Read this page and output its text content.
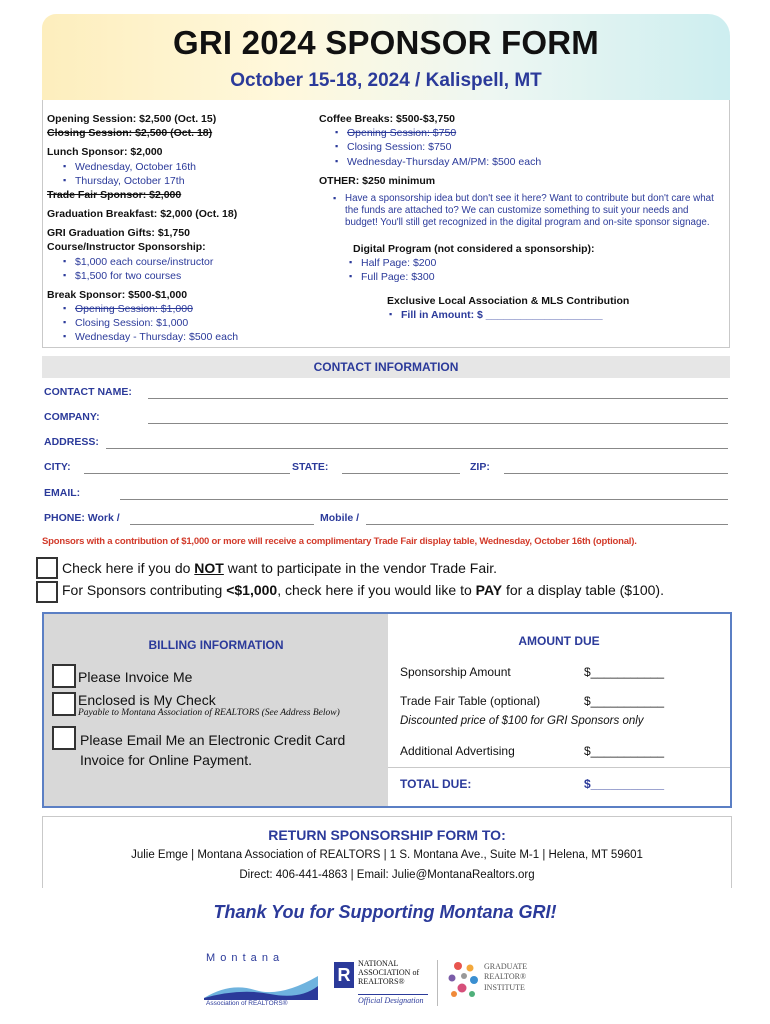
GRI 2024 SPONSOR FORM
October 15-18, 2024 / Kalispell, MT
Opening Session: $2,500 (Oct. 15)
Closing Session: $2,500 (Oct. 18)
Lunch Sponsor: $2,000
▪ Wednesday, October 16th
▪ Thursday, October 17th
Trade Fair Sponsor: $2,000
Graduation Breakfast: $2,000 (Oct. 18)
GRI Graduation Gifts: $1,750
Course/Instructor Sponsorship:
▪ $1,000 each course/instructor
▪ $1,500 for two courses
Break Sponsor: $500-$1,000
▪ Opening Session: $1,000
▪ Closing Session: $1,000
▪ Wednesday - Thursday: $500 each
Coffee Breaks: $500-$3,750
▪ Opening Session: $750
▪ Closing Session: $750
▪ Wednesday-Thursday AM/PM: $500 each
OTHER: $250 minimum
▪ Have a sponsorship idea but don't see it here? Want to contribute but don't care what the funds are attached to? We can customize something to suit your needs and budget! You'll still get recognized in the digital program and on-site sponsor signage.
Digital Program (not considered a sponsorship):
▪ Half Page: $200
▪ Full Page: $300
Exclusive Local Association & MLS Contribution
▪ Fill in Amount: $ ____________________
CONTACT INFORMATION
CONTACT NAME:
COMPANY:
ADDRESS:
CITY:	STATE:	ZIP:
EMAIL:
PHONE: Work /	Mobile /
Sponsors with a contribution of $1,000 or more will receive a complimentary Trade Fair display table, Wednesday, October 16th (optional).
Check here if you do NOT want to participate in the vendor Trade Fair.
For Sponsors contributing <$1,000, check here if you would like to PAY for a display table ($100).
BILLING INFORMATION
Please Invoice Me
Enclosed is My Check
Payable to Montana Association of REALTORS (See Address Below)
Please Email Me an Electronic Credit Card Invoice for Online Payment.
AMOUNT DUE
Sponsorship Amount	$___________
Trade Fair Table (optional)	$___________
Discounted price of $100 for GRI Sponsors only
Additional Advertising	$___________
TOTAL DUE:	$___________
RETURN SPONSORSHIP FORM TO:
Julie Emge | Montana Association of REALTORS | 1 S. Montana Ave., Suite M-1 | Helena, MT 59601
Direct: 406-441-4863 | Email: Julie@MontanaRealtors.org
Thank You for Supporting Montana GRI!
M o n t a n a
Association of REALTORS®
R
NATIONAL
ASSOCIATION of
REALTORS®
Official Designation
GRADUATE
REALTOR®
INSTITUTE
